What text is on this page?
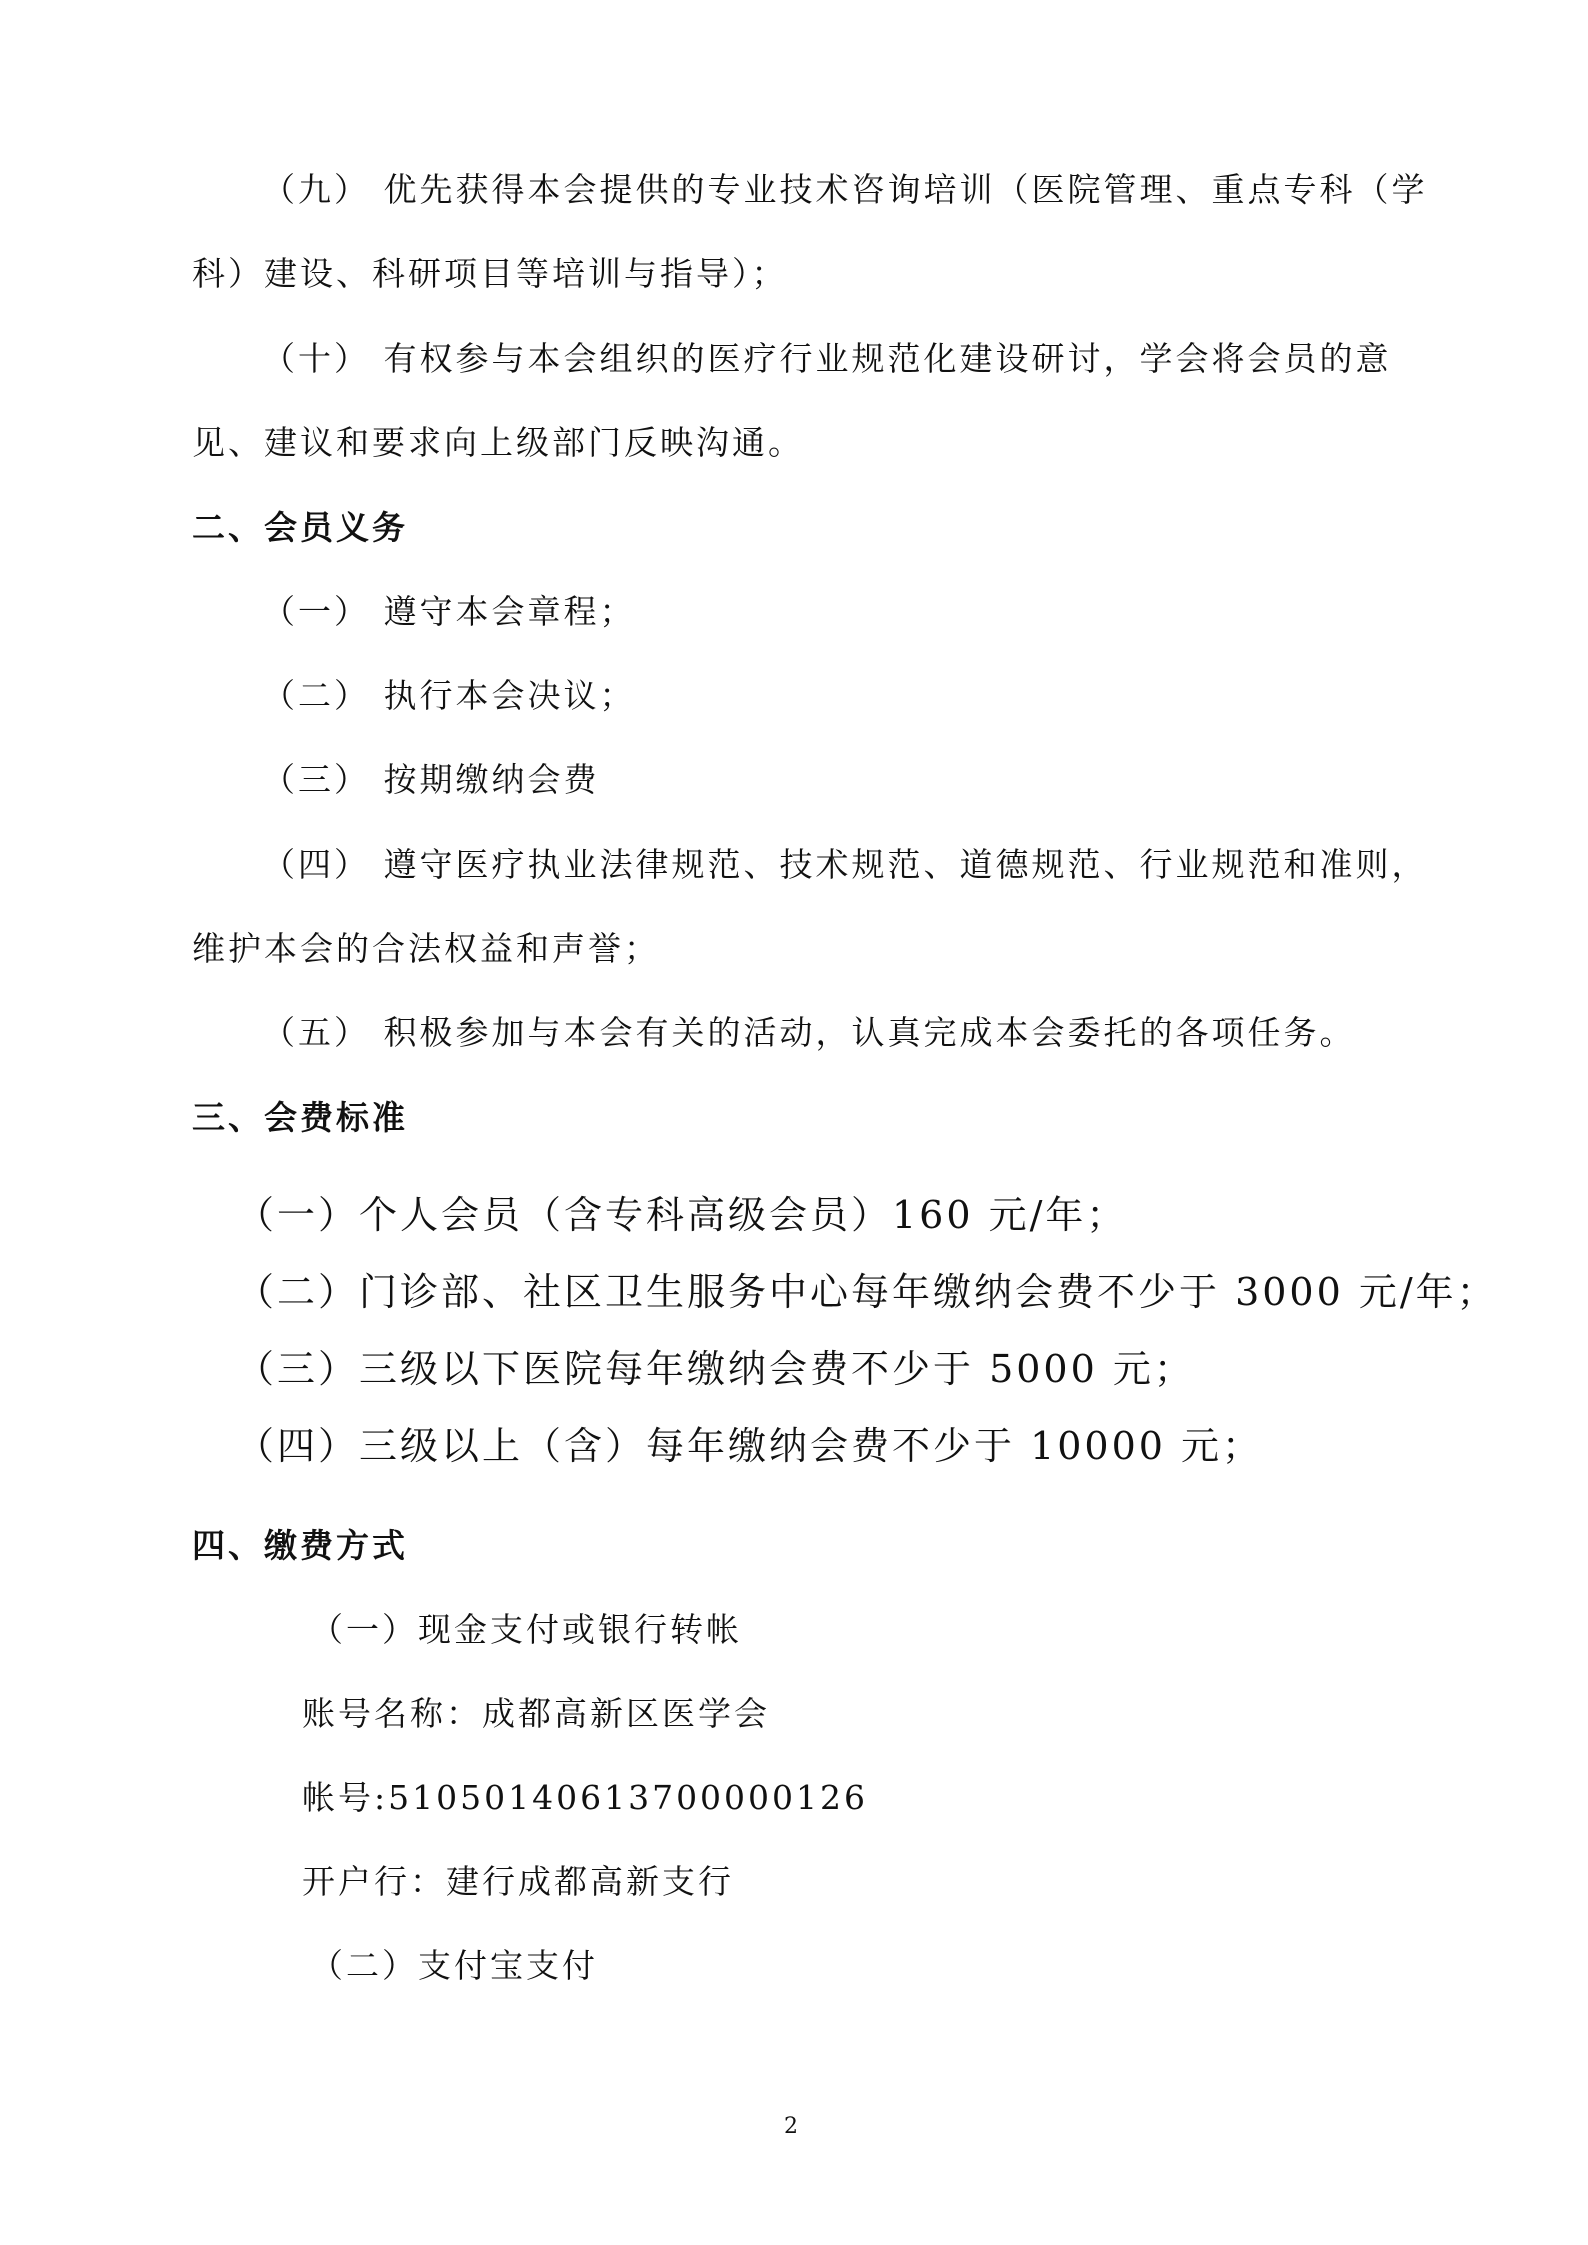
（九） 优先获得本会提供的专业技术咨询培训（医院管理、重点专科（学

科）建设、科研项目等培训与指导）；

（十） 有权参与本会组织的医疗行业规范化建设研讨，学会将会员的意

见、建议和要求向上级部门反映沟通。

二、会员义务

（一） 遵守本会章程；

（二） 执行本会决议；

（三） 按期缴纳会费

（四） 遵守医疗执业法律规范、技术规范、道德规范、行业规范和准则，

维护本会的合法权益和声誉；

（五） 积极参加与本会有关的活动，认真完成本会委托的各项任务。

三、会费标准

（一）个人会员（含专科高级会员）160 元/年；

（二）门诊部、社区卫生服务中心每年缴纳会费不少于 3000 元/年；

（三）三级以下医院每年缴纳会费不少于 5000 元；

（四）三级以上（含）每年缴纳会费不少于 10000 元；

四、缴费方式

（一）现金支付或银行转帐

账号名称：成都高新区医学会

帐号:51050140613700000126

开户行：建行成都高新支行

（二）支付宝支付

2
